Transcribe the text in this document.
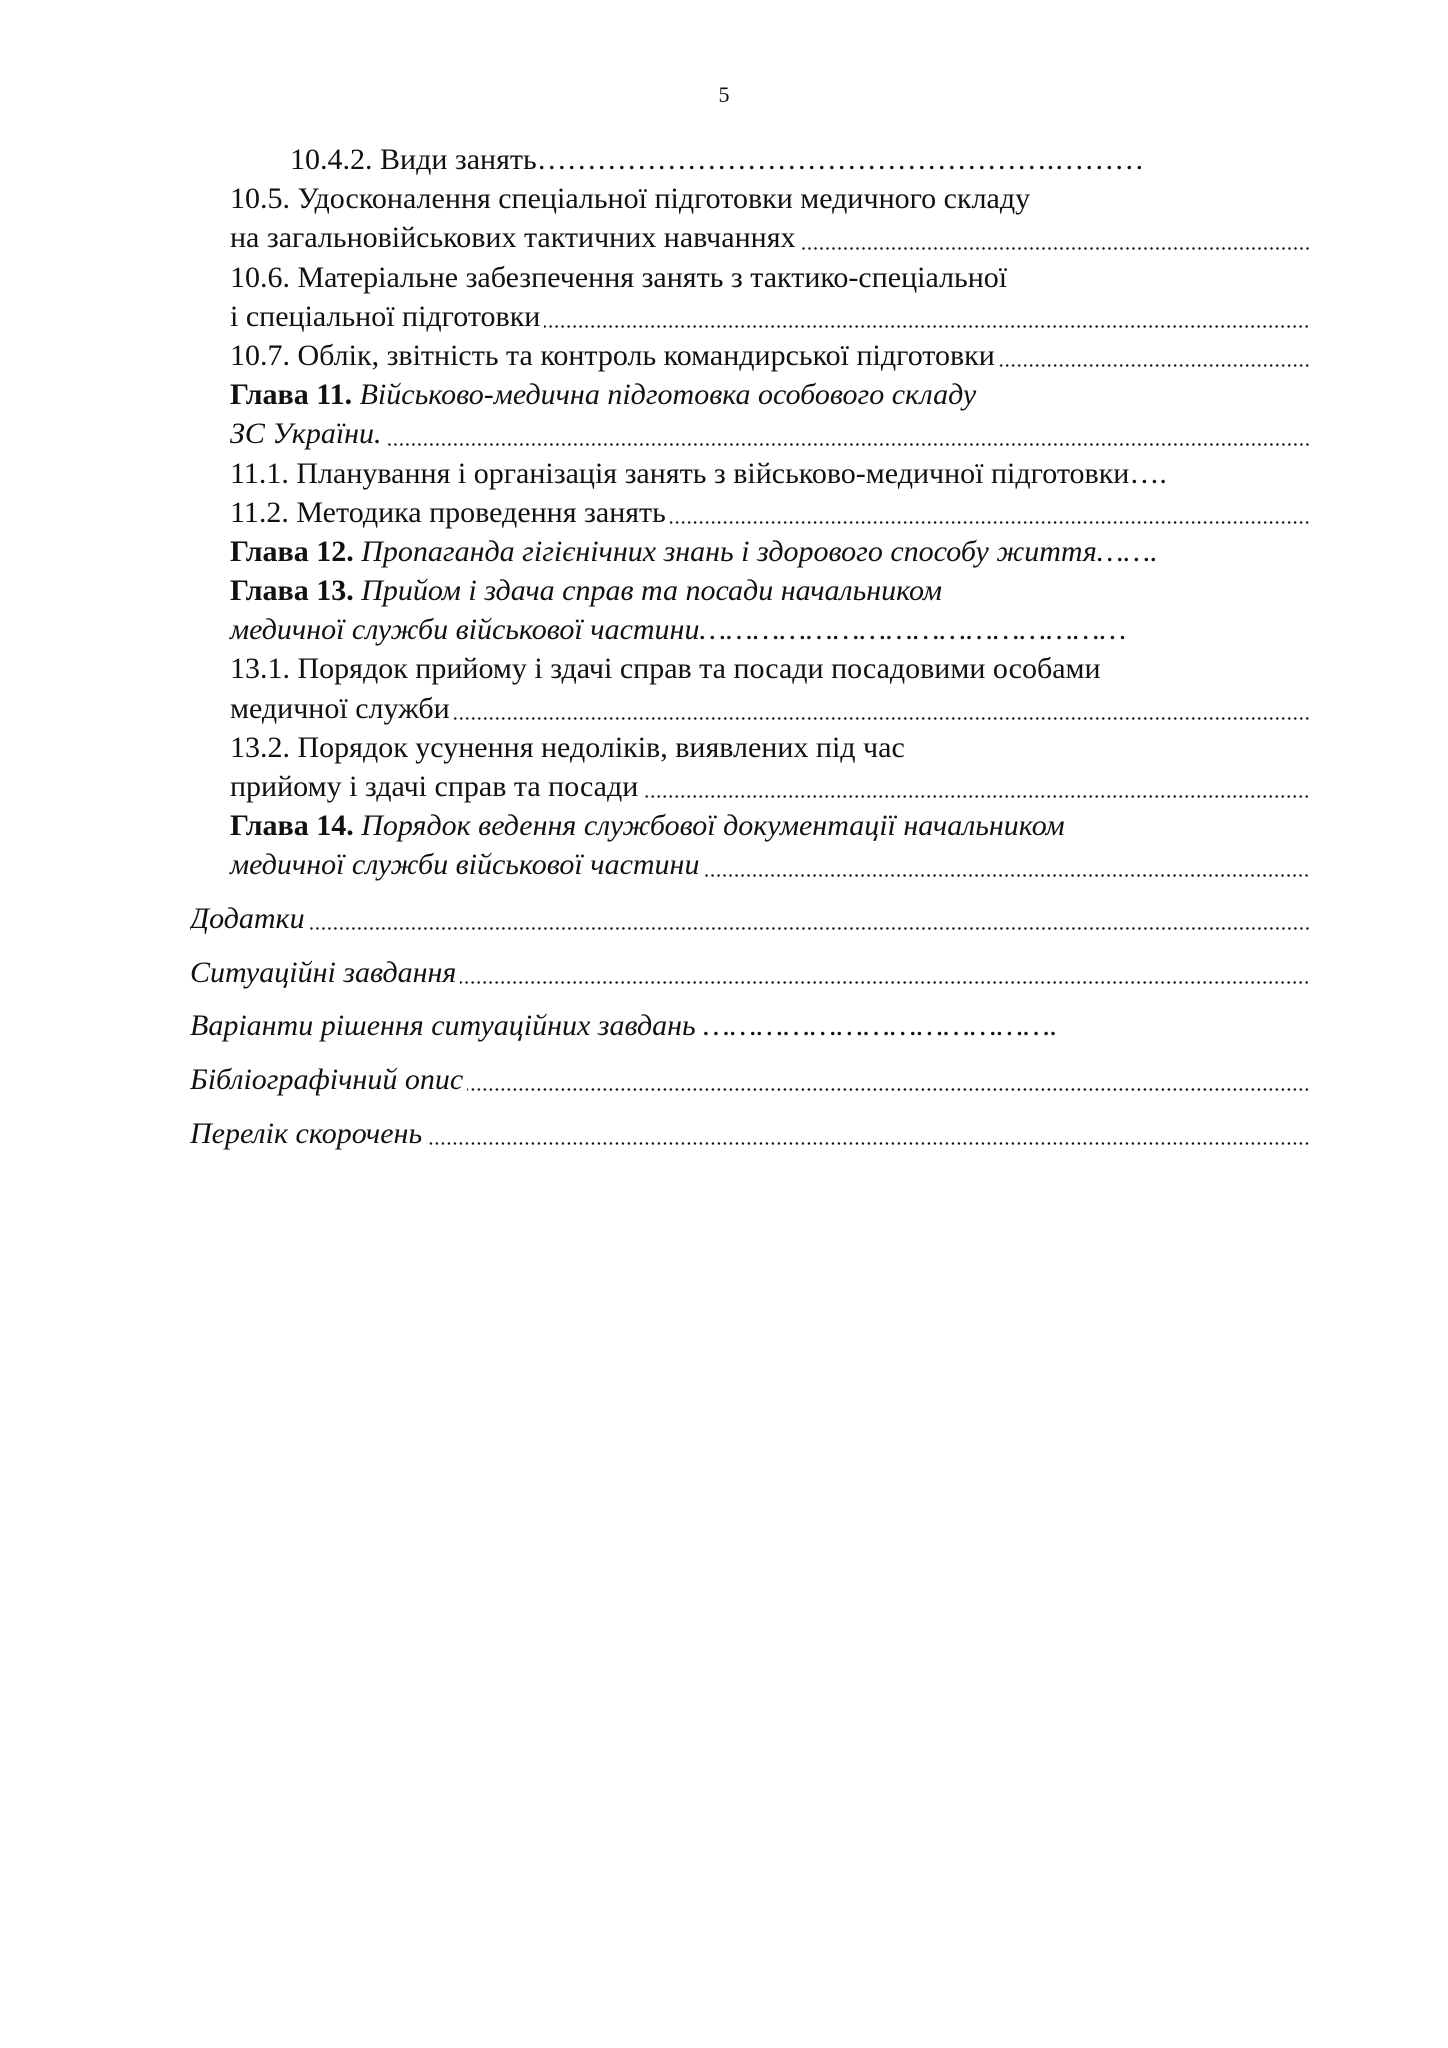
5
10.4.2. Види занять…………………………………………….………
10.5. Удосконалення спеціальної підготовки медичного складу
на загальновійськових тактичних навчаннях
10.6. Матеріальне забезпечення занять з тактико-спеціальної
і спеціальної підготовки
10.7. Облік, звітність та контроль командирської підготовки
Глава 11. Військово-медична підготовка особового складу
ЗС України.
11.1. Планування і організація занять з військово-медичної підготовки….
11.2. Методика проведення занять
Глава 12. Пропаганда гігієнічних знань і здорового способу життя…….
Глава 13. Прийом і здача справ та посади начальником
медичної служби військової частини…………………………………………
13.1. Порядок прийому і здачі справ та посади посадовими особами
медичної служби
13.2. Порядок усунення недоліків, виявлених під час
прийому і здачі справ та посади
Глава 14. Порядок ведення службової документації начальником
медичної служби військової частини
Додатки
Ситуаційні завдання
Варіанти рішення ситуаційних завдань ………………………………….
Бібліографічний опис
Перелік скорочень
